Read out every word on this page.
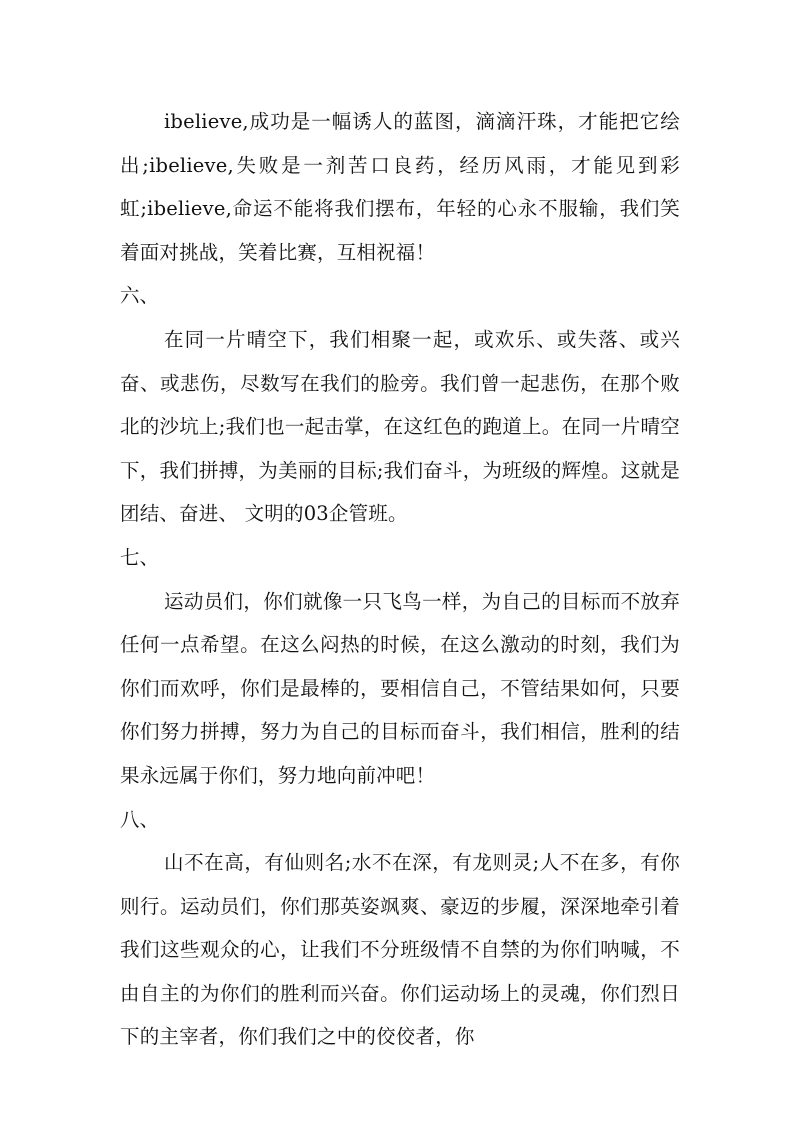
ibelieve,成功是一幅诱人的蓝图，滴滴汗珠，才能把它绘出;ibelieve,失败是一剂苦口良药，经历风雨，才能见到彩虹;ibelieve,命运不能将我们摆布，年轻的心永不服输，我们笑着面对挑战，笑着比赛，互相祝福！

六、

在同一片晴空下，我们相聚一起，或欢乐、或失落、或兴奋、或悲伤，尽数写在我们的脸旁。我们曾一起悲伤，在那个败北的沙坑上;我们也一起击掌，在这红色的跑道上。在同一片晴空下，我们拼搏，为美丽的目标;我们奋斗，为班级的辉煌。这就是团结、奋进、 文明的03企管班。

七、

运动员们，你们就像一只飞鸟一样，为自己的目标而不放弃任何一点希望。在这么闷热的时候，在这么激动的时刻，我们为你们而欢呼，你们是最棒的，要相信自己，不管结果如何，只要你们努力拼搏，努力为自己的目标而奋斗，我们相信，胜利的结果永远属于你们，努力地向前冲吧！

八、

山不在高，有仙则名;水不在深，有龙则灵;人不在多，有你则行。运动员们，你们那英姿飒爽、豪迈的步履，深深地牵引着我们这些观众的心，让我们不分班级情不自禁的为你们呐喊，不由自主的为你们的胜利而兴奋。你们运动场上的灵魂，你们烈日下的主宰者，你们我们之中的佼佼者，你
